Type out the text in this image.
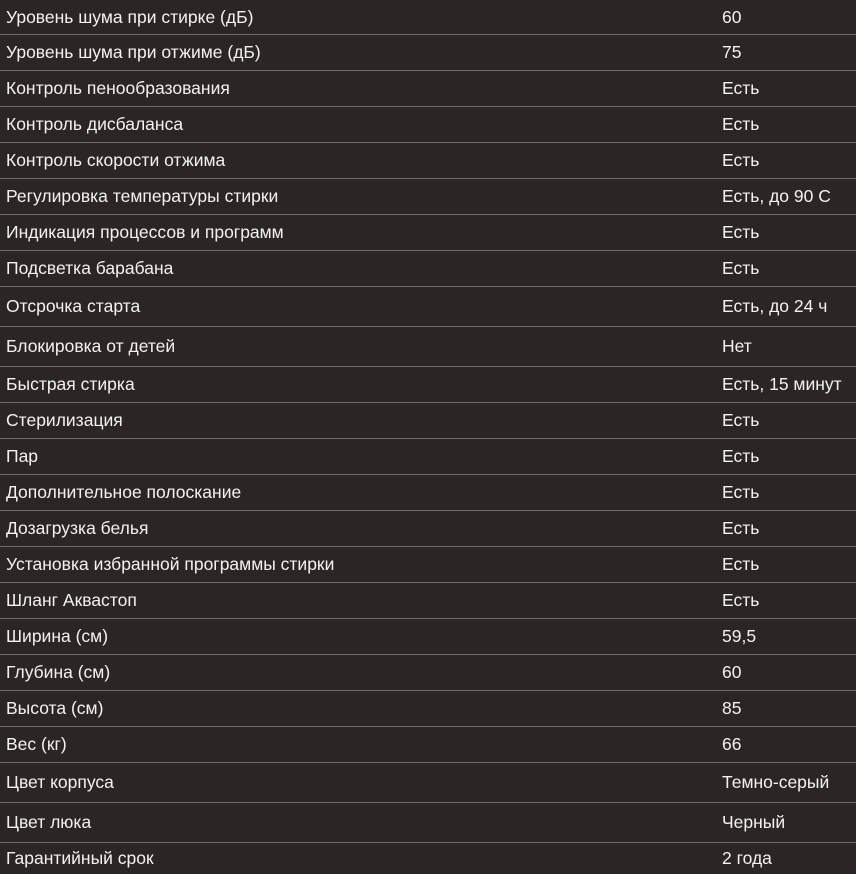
Уровень шума при стирке (дБ)	60
Уровень шума при отжиме (дБ)	75
Контроль пенообразования	Есть
Контроль дисбаланса	Есть
Контроль скорости отжима	Есть
Регулировка температуры стирки	Есть, до 90 С
Индикация процессов и программ	Есть
Подсветка барабана	Есть
Отсрочка старта	Есть, до 24 ч
Блокировка от детей	Нет
Быстрая стирка	Есть, 15 минут
Стерилизация	Есть
Пар	Есть
Дополнительное полоскание	Есть
Дозагрузка белья	Есть
Установка избранной программы стирки	Есть
Шланг Аквастоп	Есть
Ширина (см)	59,5
Глубина (см)	60
Высота (см)	85
Вес (кг)	66
Цвет корпуса	Темно-серый
Цвет люка	Черный
Гарантийный срок	2 года
